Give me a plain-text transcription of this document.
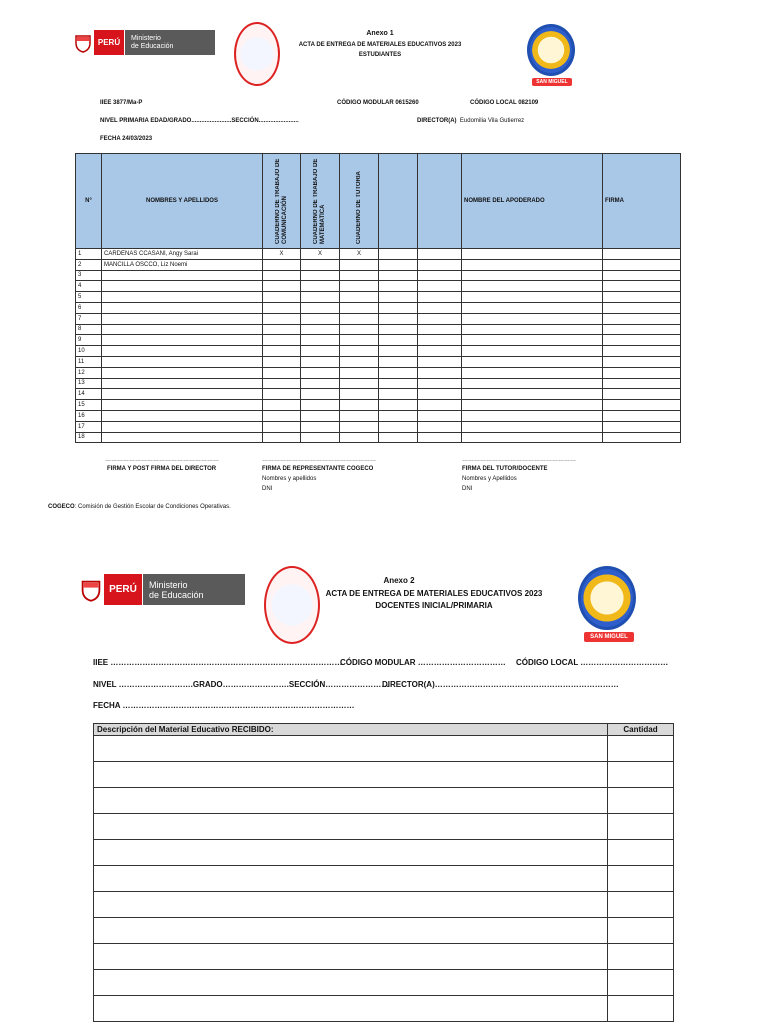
PERÚ	Ministerio
de Educación
Anexo 1
ACTA DE ENTREGA DE MATERIALES EDUCATIVOS 2023
ESTUDIANTES
SAN MIGUEL
IIEE 3877/Ma-P	CÓDIGO MODULAR 0615260	CÓDIGO LOCAL 082109
NIVEL PRIMARIA EDAD/GRADO........................SECCIÓN........................	DIRECTOR(A) Eudomilia Vila Gutierrez
FECHA 24/03/2023
N°	NOMBRES Y APELLIDOS	CUADERNO DE TRABAJO DE COMUNICACIÓN	CUADERNO DE TRABAJO DE MATEMATICA	CUADERNO DE TUTORIA			NOMBRE DEL APODERADO	FIRMA
1	CARDENAS CCASANI, Angy Sarai	X	X	X				
2	MANCILLA OSCCO, Liz Noemi							
3								
4								
5								
6								
7								
8								
9								
10								
11								
12								
13								
14								
15								
16								
17								
18								
…………………………………………………	…………………………………………………	…………………………………………………
FIRMA Y POST FIRMA DEL DIRECTOR	FIRMA DE REPRESENTANTE COGECO
Nombres y apellidos
DNI
FIRMA DEL TUTOR/DOCENTE
Nombres y Apellidos
DNI
COGECO: Comisión de Gestión Escolar de Condiciones Operativas.
PERÚ	Ministerio
de Educación
Anexo 2
ACTA DE ENTREGA DE MATERIALES EDUCATIVOS 2023
DOCENTES INICIAL/PRIMARIA
SAN MIGUEL
IIEE ……………………………………………………………………………
CÓDIGO MODULAR …………………………… CÓDIGO LOCAL ……………………………
NIVEL ……………………….GRADO…………………….SECCIÓN……………………
DIRECTOR(A)……………………………………………………………
FECHA ……………………………………………………………………………
Descripción del Material Educativo RECIBIDO:	Cantidad
